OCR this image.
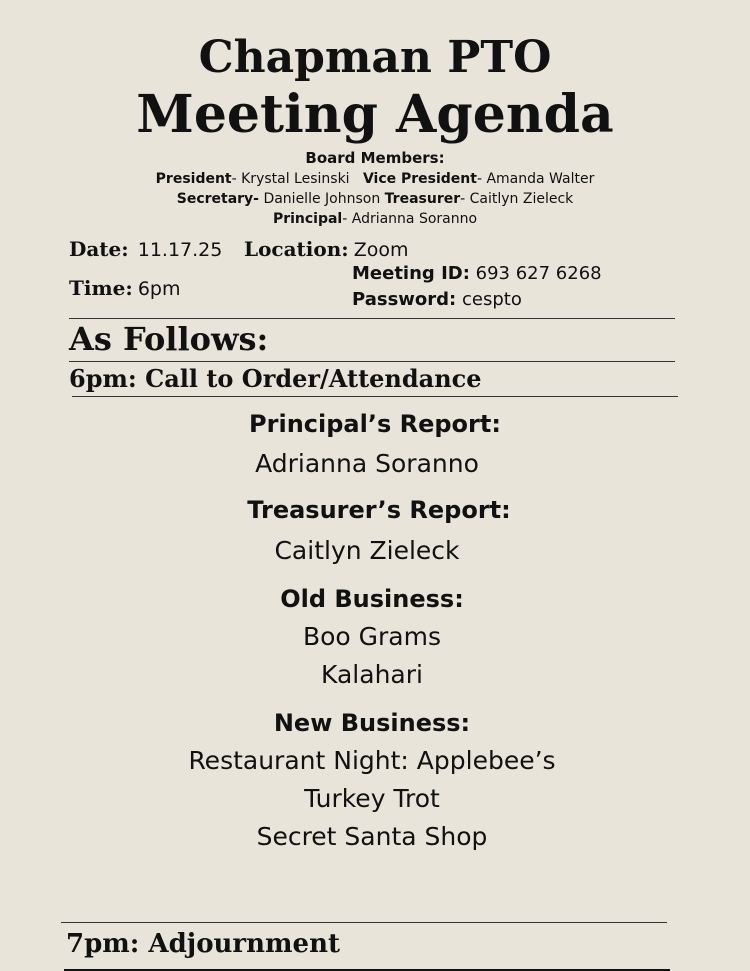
Chapman PTO
Meeting Agenda
Board Members:
President- Krystal Lesinski Vice President- Amanda Walter
Secretary- Danielle Johnson Treasurer- Caitlyn Zieleck
Principal- Adrianna Soranno
Date: 11.17.25
Time: 6pm
Location: Zoom
Meeting ID: 693 627 6268
Password: cespto
As Follows:
6pm: Call to Order/Attendance
Principal’s Report:
Adrianna Soranno
Treasurer’s Report:
Caitlyn Zieleck
Old Business:
Boo Grams
Kalahari
New Business:
Restaurant Night: Applebee’s
Turkey Trot
Secret Santa Shop
7pm: Adjournment
